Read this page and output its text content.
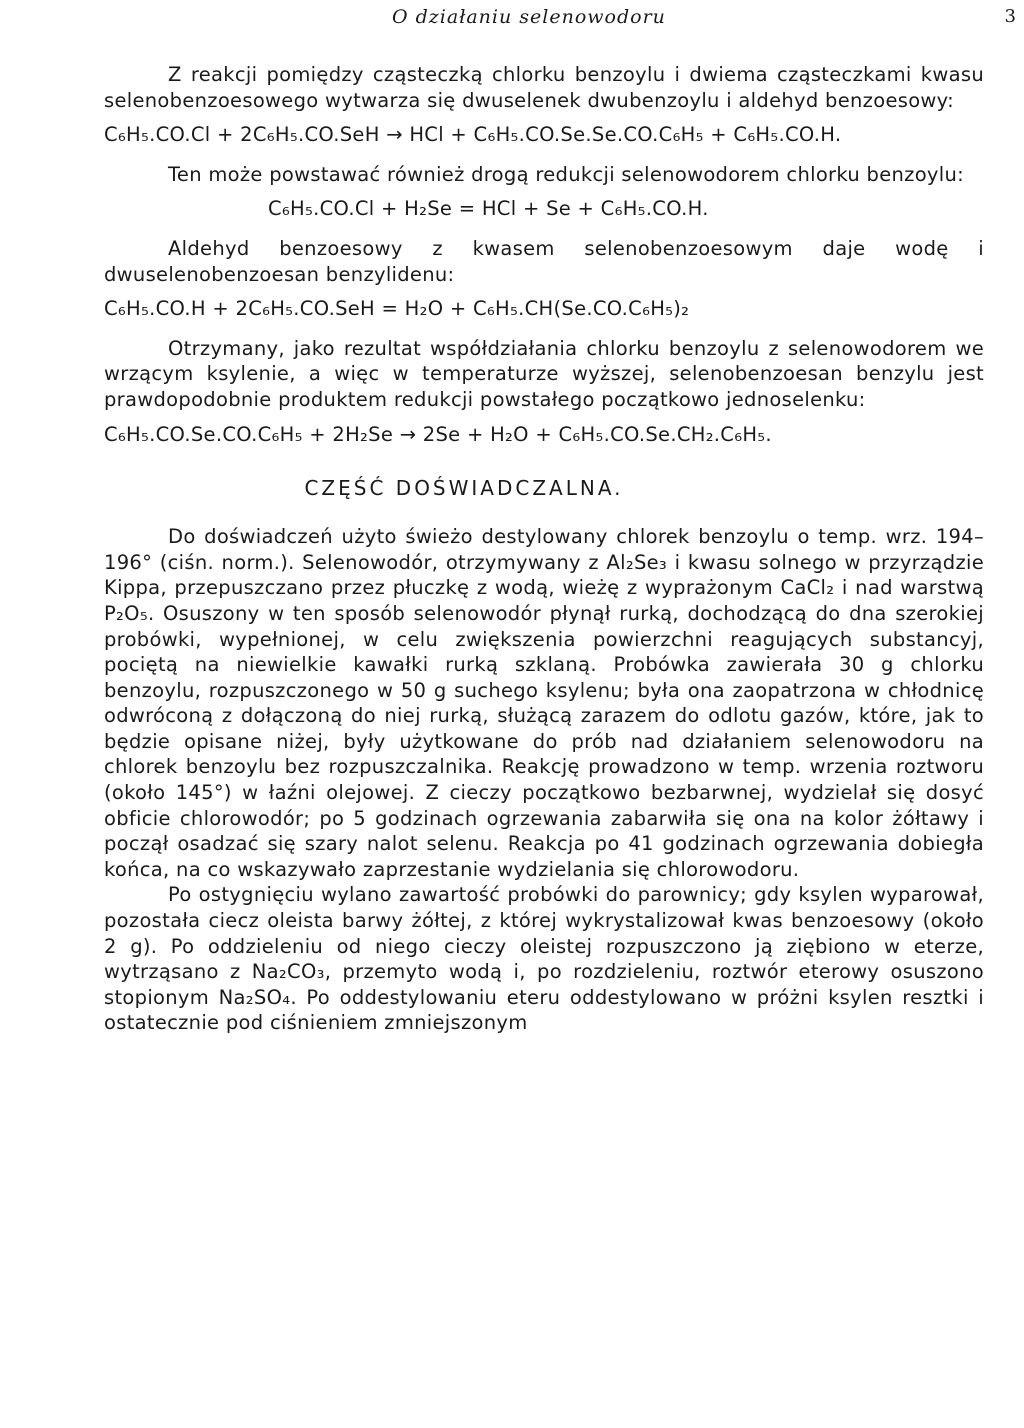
O działaniu selenowodoru	3

Z reakcji pomiędzy cząsteczką chlorku benzoylu i dwiema cząsteczkami kwasu selenobenzoesowego wytwarza się dwuselenek dwubenzoylu i aldehyd benzoesowy:

C₆H₅.CO.Cl + 2C₆H₅.CO.SeH → HCl + C₆H₅.CO.Se.Se.CO.C₆H₅ + C₆H₅.CO.H.

Ten może powstawać również drogą redukcji selenowodorem chlorku benzoylu:

C₆H₅.CO.Cl + H₂Se = HCl + Se + C₆H₅.CO.H.

Aldehyd benzoesowy z kwasem selenobenzoesowym daje wodę i dwuselenobenzoesan benzylidenu:

C₆H₅.CO.H + 2C₆H₅.CO.SeH = H₂O + C₆H₅.CH(Se.CO.C₆H₅)₂

Otrzymany, jako rezultat współdziałania chlorku benzoylu z selenowodorem we wrzącym ksylenie, a więc w temperaturze wyższej, selenobenzoesan benzylu jest prawdopodobnie produktem redukcji powstałego początkowo jednoselenku:

C₆H₅.CO.Se.CO.C₆H₅ + 2H₂Se → 2Se + H₂O + C₆H₅.CO.Se.CH₂.C₆H₅.
CZĘŚĆ DOŚWIADCZALNA.

Do doświadczeń użyto świeżo destylowany chlorek benzoylu o temp. wrz. 194–196° (ciśn. norm.). Selenowodór, otrzymywany z Al₂Se₃ i kwasu solnego w przyrządzie Kippa, przepuszczano przez płuczkę z wodą, wieżę z wyprażonym CaCl₂ i nad warstwą P₂O₅. Osuszony w ten sposób selenowodór płynął rurką, dochodzącą do dna szerokiej probówki, wypełnionej, w celu zwiększenia powierzchni reagujących substancyj, pociętą na niewielkie kawałki rurką szklaną. Probówka zawierała 30 g chlorku benzoylu, rozpuszczonego w 50 g suchego ksylenu; była ona zaopatrzona w chłodnicę odwróconą z dołączoną do niej rurką, służącą zarazem do odlotu gazów, które, jak to będzie opisane niżej, były użytkowane do prób nad działaniem selenowodoru na chlorek benzoylu bez rozpuszczalnika. Reakcję prowadzono w temp. wrzenia roztworu (około 145°) w łaźni olejowej. Z cieczy początkowo bezbarwnej, wydzielał się dosyć obficie chlorowodór; po 5 godzinach ogrzewania zabarwiła się ona na kolor żółtawy i począł osadzać się szary nalot selenu. Reakcja po 41 godzinach ogrzewania dobiegła końca, na co wskazywało zaprzestanie wydzielania się chlorowodoru.

Po ostygnięciu wylano zawartość probówki do parownicy; gdy ksylen wyparował, pozostała ciecz oleista barwy żółtej, z której wykrystalizował kwas benzoesowy (około 2 g). Po oddzieleniu od niego cieczy oleistej rozpuszczono ją ziębiono w eterze, wytrząsano z Na₂CO₃, przemyto wodą i, po rozdzieleniu, roztwór eterowy osuszono stopionym Na₂SO₄. Po oddestylowaniu eteru oddestylowano w próżni ksylen resztki i ostatecznie pod ciśnieniem zmniejszonym
